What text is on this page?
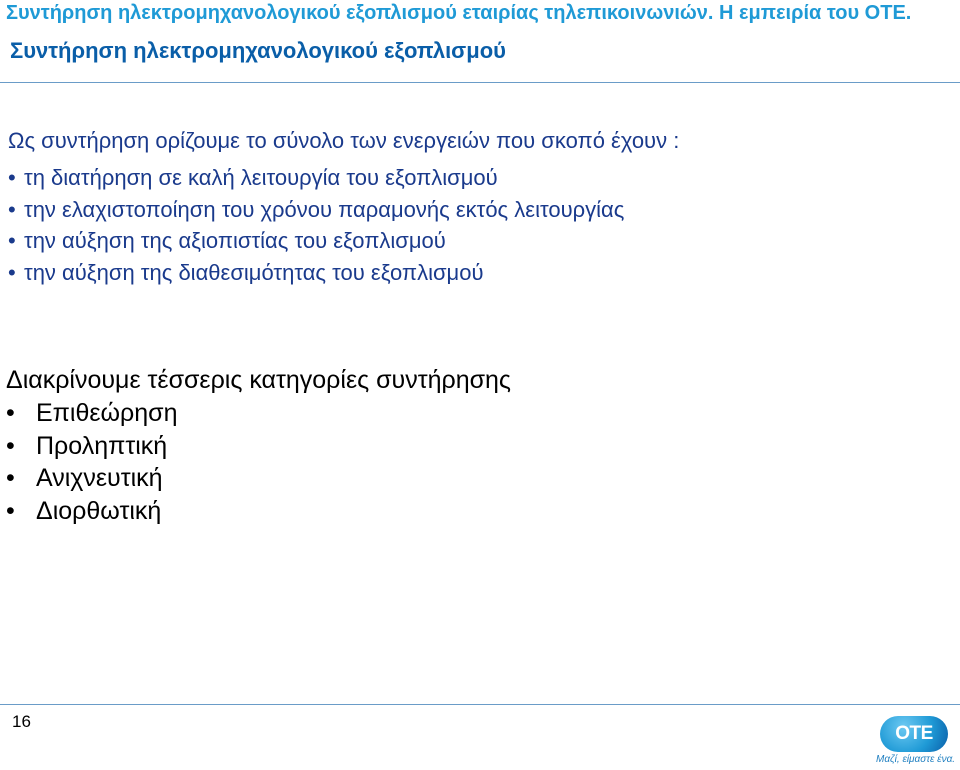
Συντήρηση ηλεκτρομηχανολογικού εξοπλισμού εταιρίας τηλεπικοινωνιών. Η εμπειρία του ΟΤΕ.
Συντήρηση ηλεκτρομηχανολογικού εξοπλισμού

Ως συντήρηση ορίζουμε το σύνολο των ενεργειών που σκοπό έχουν :

• τη διατήρηση σε καλή λειτουργία του εξοπλισμού
• την ελαχιστοποίηση του χρόνου παραμονής εκτός λειτουργίας
• την αύξηση της αξιοπιστίας του εξοπλισμού
• την αύξηση της διαθεσιμότητας του εξοπλισμού

Διακρίνουμε τέσσερις κατηγορίες συντήρησης

• Επιθεώρηση
• Προληπτική
• Ανιχνευτική
• Διορθωτική
16
ΟΤΕ
Μαζί, είμαστε ένα.
